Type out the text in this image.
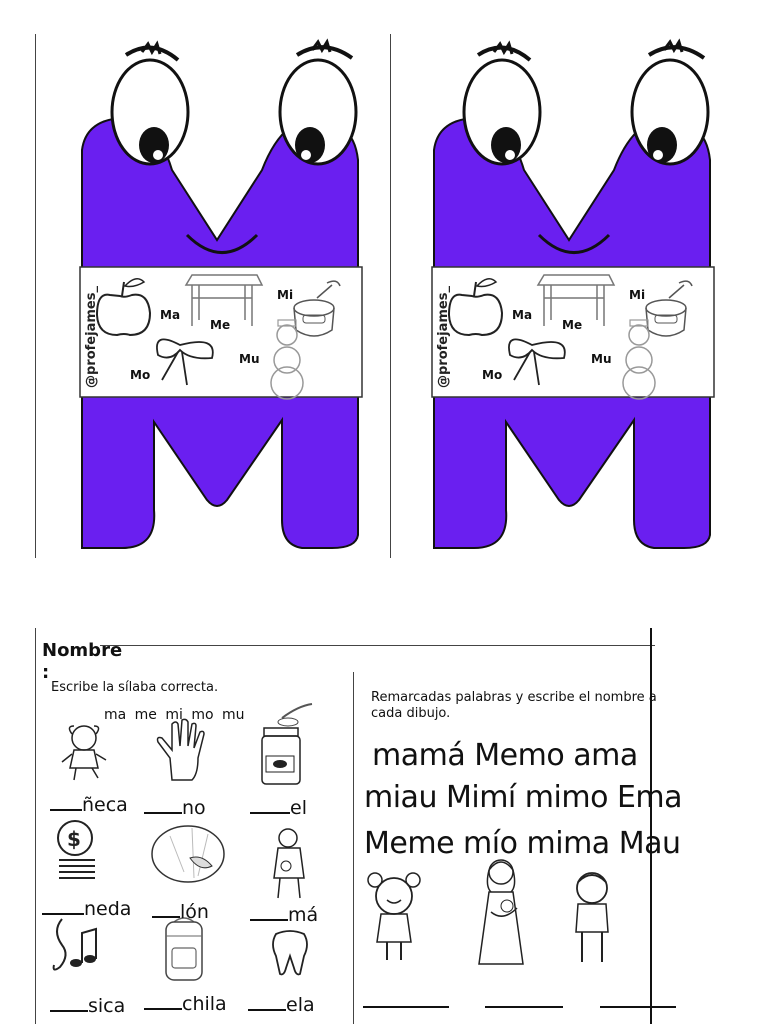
@profejames_	Ma
Me
Mi
Mo
Mu	@profejames_	Ma
Me
Mi
Mo
Mu
Nombre
:
Escribe la sílaba correcta.
ma me mi mo mu
$
ñeca	no	el
neda	lón	má
sica	chila	ela
Remarcadas palabras y escribe el nombre a cada dibujo.
mamá Memo ama
miau Mimí mimo Ema
Meme mío mima Mau
